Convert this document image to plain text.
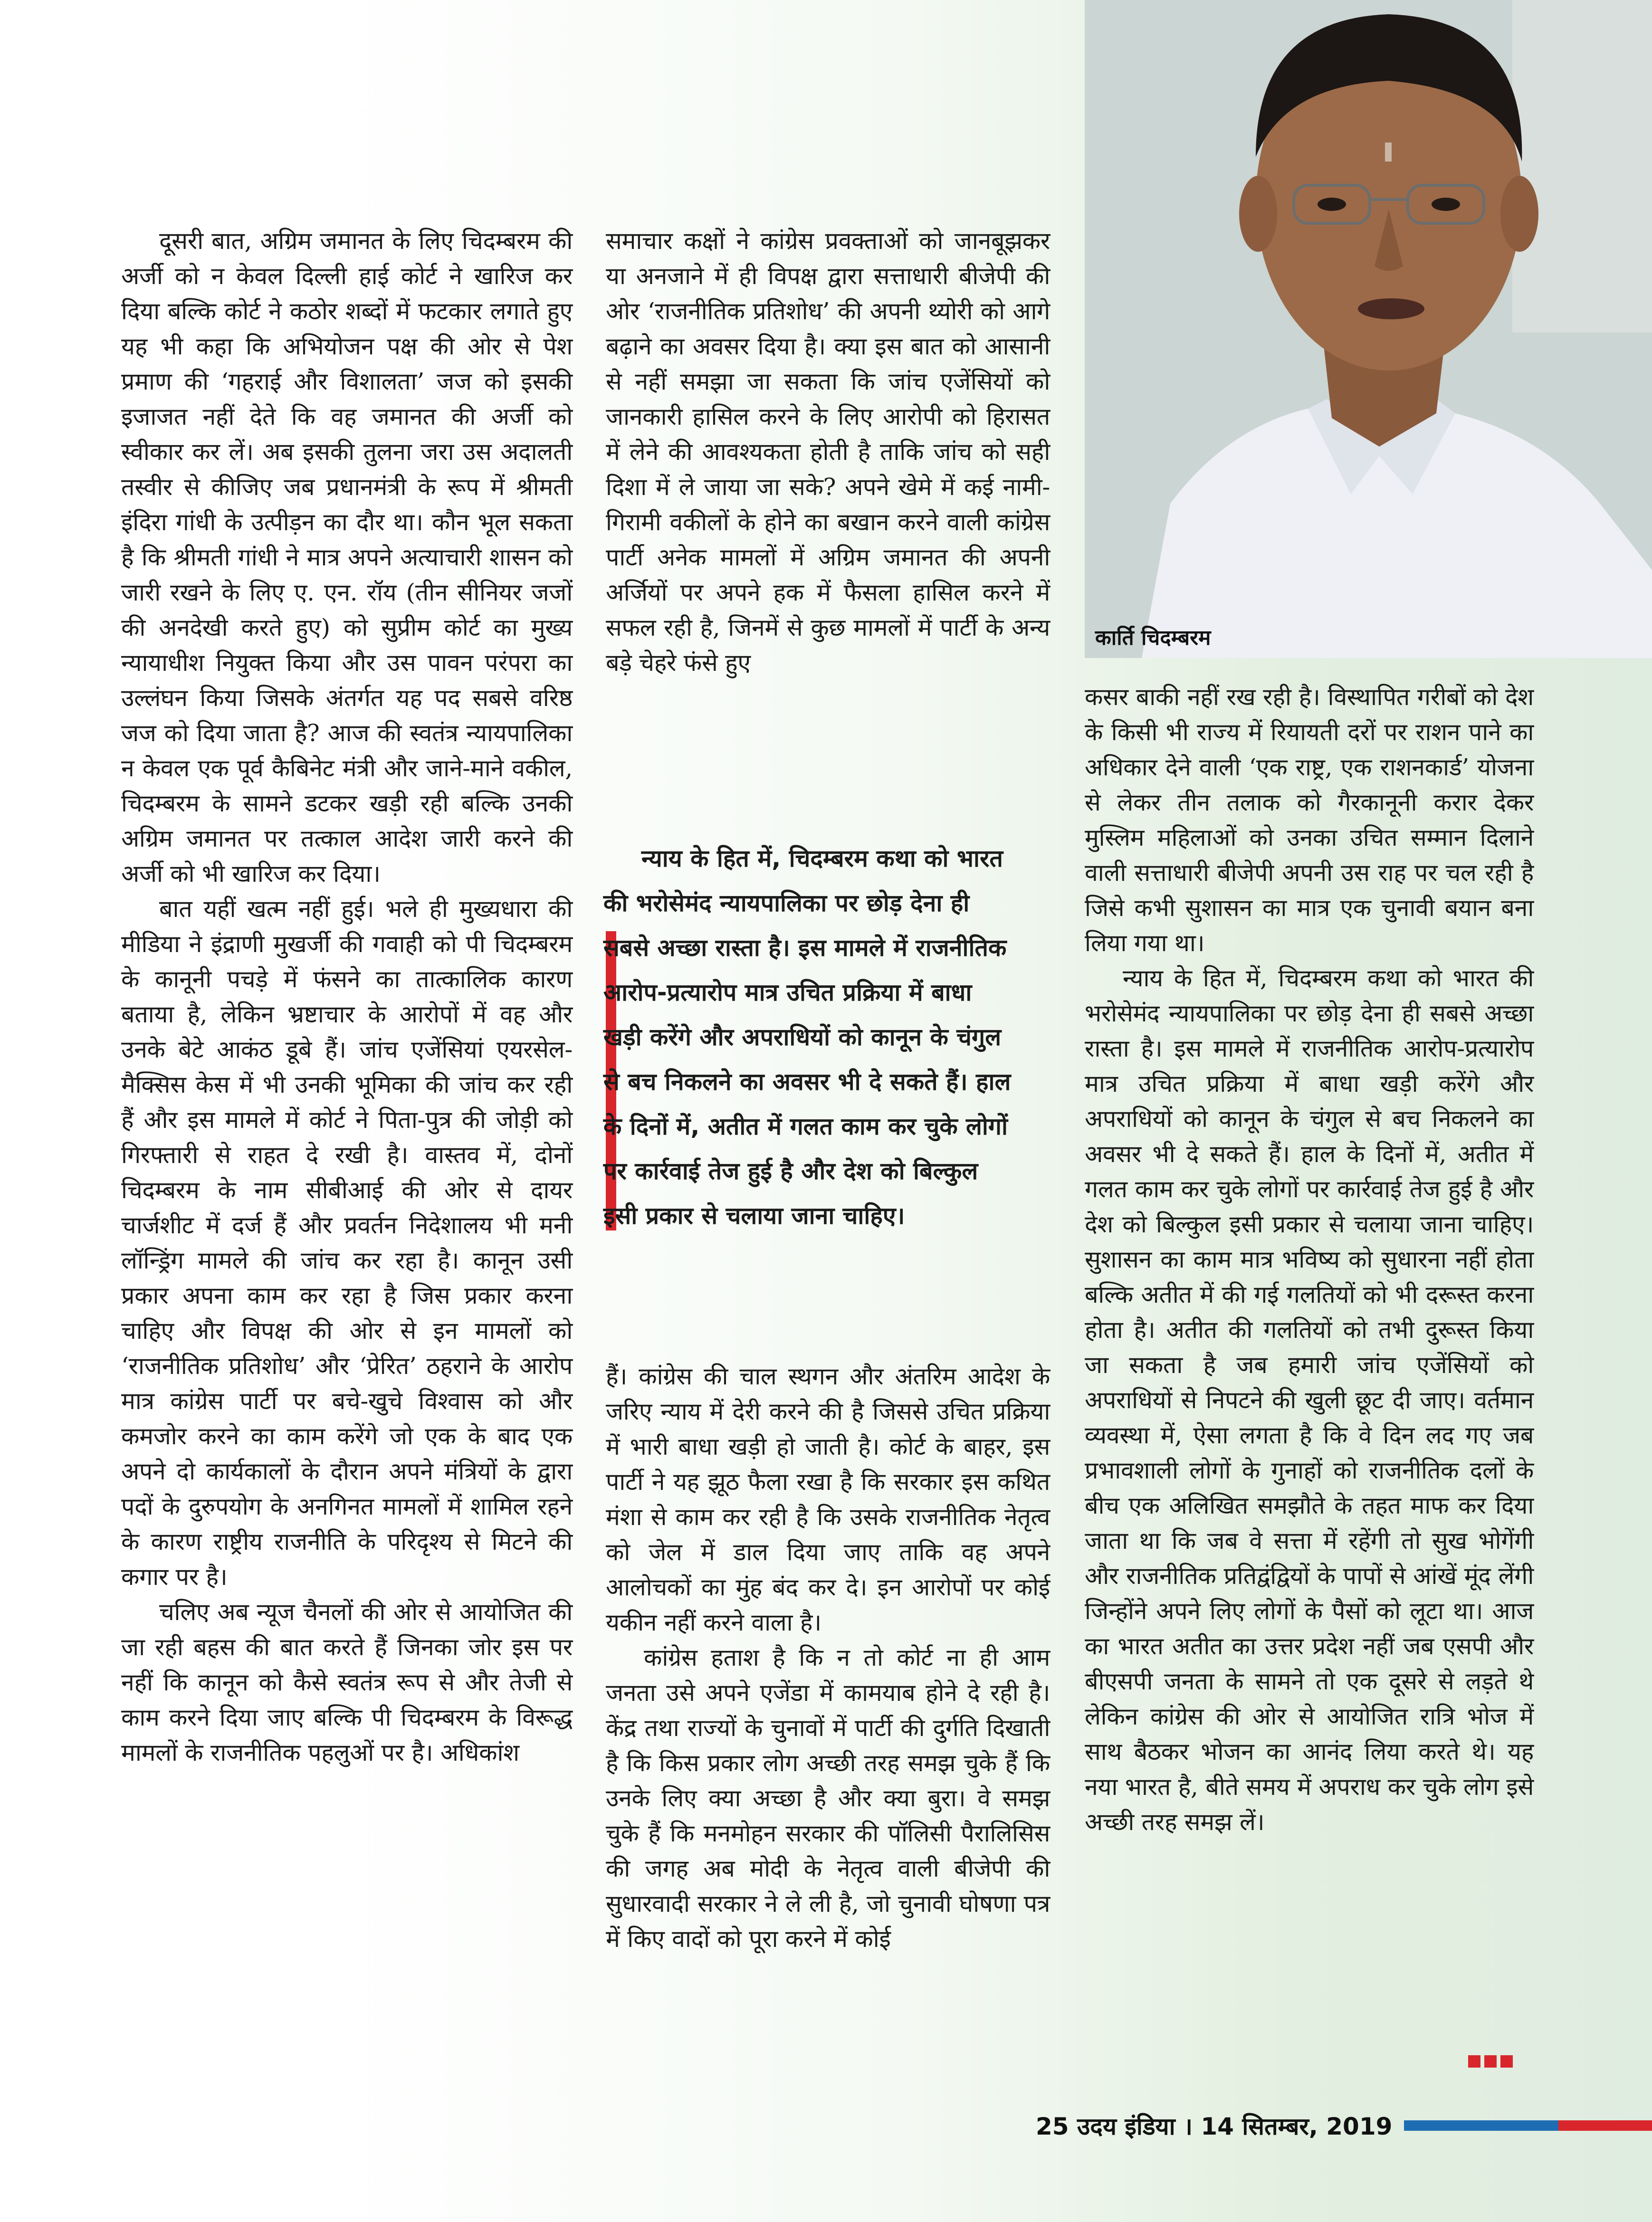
दूसरी बात, अग्रिम जमानत के लिए चिदम्बरम की अर्जी को न केवल दिल्ली हाई कोर्ट ने खारिज कर दिया बल्कि कोर्ट ने कठोर शब्दों में फटकार लगाते हुए यह भी कहा कि अभियोजन पक्ष की ओर से पेश प्रमाण की ‘गहराई और विशालता’ जज को इसकी इजाजत नहीं देते कि वह जमानत की अर्जी को स्वीकार कर लें। अब इसकी तुलना जरा उस अदालती तस्वीर से कीजिए जब प्रधानमंत्री के रूप में श्रीमती इंदिरा गांधी के उत्पीड़न का दौर था। कौन भूल सकता है कि श्रीमती गांधी ने मात्र अपने अत्याचारी शासन को जारी रखने के लिए ए. एन. रॉय (तीन सीनियर जजों की अनदेखी करते हुए) को सुप्रीम कोर्ट का मुख्य न्यायाधीश नियुक्त किया और उस पावन परंपरा का उल्लंघन किया जिसके अंतर्गत यह पद सबसे वरिष्ठ जज को दिया जाता है? आज की स्वतंत्र न्यायपालिका न केवल एक पूर्व कैबिनेट मंत्री और जाने-माने वकील, चिदम्बरम के सामने डटकर खड़ी रही बल्कि उनकी अग्रिम जमानत पर तत्काल आदेश जारी करने की अर्जी को भी खारिज कर दिया।

बात यहीं खत्म नहीं हुई। भले ही मुख्यधारा की मीडिया ने इंद्राणी मुखर्जी की गवाही को पी चिदम्बरम के कानूनी पचड़े में फंसने का तात्कालिक कारण बताया है, लेकिन भ्रष्टाचार के आरोपों में वह और उनके बेटे आकंठ डूबे हैं। जांच एजेंसियां एयरसेल-मैक्सिस केस में भी उनकी भूमिका की जांच कर रही हैं और इस मामले में कोर्ट ने पिता-पुत्र की जोड़ी को गिरफ्तारी से राहत दे रखी है। वास्तव में, दोनों चिदम्बरम के नाम सीबीआई की ओर से दायर चार्जशीट में दर्ज हैं और प्रवर्तन निदेशालय भी मनी लॉन्ड्रिंग मामले की जांच कर रहा है। कानून उसी प्रकार अपना काम कर रहा है जिस प्रकार करना चाहिए और विपक्ष की ओर से इन मामलों को ‘राजनीतिक प्रतिशोध’ और ‘प्रेरित’ ठहराने के आरोप मात्र कांग्रेस पार्टी पर बचे-खुचे विश्वास को और कमजोर करने का काम करेंगे जो एक के बाद एक अपने दो कार्यकालों के दौरान अपने मंत्रियों के द्वारा पदों के दुरुपयोग के अनगिनत मामलों में शामिल रहने के कारण राष्ट्रीय राजनीति के परिदृश्य से मिटने की कगार पर है।

चलिए अब न्यूज चैनलों की ओर से आयोजित की जा रही बहस की बात करते हैं जिनका जोर इस पर नहीं कि कानून को कैसे स्वतंत्र रूप से और तेजी से काम करने दिया जाए बल्कि पी चिदम्बरम के विरूद्ध मामलों के राजनीतिक पहलुओं पर है। अधिकांश

समाचार कक्षों ने कांग्रेस प्रवक्ताओं को जानबूझकर या अनजाने में ही विपक्ष द्वारा सत्ताधारी बीजेपी की ओर ‘राजनीतिक प्रतिशोध’ की अपनी थ्योरी को आगे बढ़ाने का अवसर दिया है। क्या इस बात को आसानी से नहीं समझा जा सकता कि जांच एजेंसियों को जानकारी हासिल करने के लिए आरोपी को हिरासत में लेने की आवश्यकता होती है ताकि जांच को सही दिशा में ले जाया जा सके? अपने खेमे में कई नामी-गिरामी वकीलों के होने का बखान करने वाली कांग्रेस पार्टी अनेक मामलों में अग्रिम जमानत की अपनी अर्जियों पर अपने हक में फैसला हासिल करने में सफल रही है, जिनमें से कुछ मामलों में पार्टी के अन्य बड़े चेहरे फंसे हुए

न्याय के हित में, चिदम्बरम कथा को भारत की भरोसेमंद न्यायपालिका पर छोड़ देना ही सबसे अच्छा रास्ता है। इस मामले में राजनीतिक आरोप-प्रत्यारोप मात्र उचित प्रक्रिया में बाधा खड़ी करेंगे और अपराधियों को कानून के चंगुल से बच निकलने का अवसर भी दे सकते हैं। हाल के दिनों में, अतीत में गलत काम कर चुके लोगों पर कार्रवाई तेज हुई है और देश को बिल्कुल इसी प्रकार से चलाया जाना चाहिए।

हैं। कांग्रेस की चाल स्थगन और अंतरिम आदेश के जरिए न्याय में देरी करने की है जिससे उचित प्रक्रिया में भारी बाधा खड़ी हो जाती है। कोर्ट के बाहर, इस पार्टी ने यह झूठ फैला रखा है कि सरकार इस कथित मंशा से काम कर रही है कि उसके राजनीतिक नेतृत्व को जेल में डाल दिया जाए ताकि वह अपने आलोचकों का मुंह बंद कर दे। इन आरोपों पर कोई यकीन नहीं करने वाला है।

कांग्रेस हताश है कि न तो कोर्ट ना ही आम जनता उसे अपने एजेंडा में कामयाब होने दे रही है। केंद्र तथा राज्यों के चुनावों में पार्टी की दुर्गति दिखाती है कि किस प्रकार लोग अच्छी तरह समझ चुके हैं कि उनके लिए क्या अच्छा है और क्या बुरा। वे समझ चुके हैं कि मनमोहन सरकार की पॉलिसी पैरालिसिस की जगह अब मोदी के नेतृत्व वाली बीजेपी की सुधारवादी सरकार ने ले ली है, जो चुनावी घोषणा पत्र में किए वादों को पूरा करने में कोई

कार्ति चिदम्बरम

कसर बाकी नहीं रख रही है। विस्थापित गरीबों को देश के किसी भी राज्य में रियायती दरों पर राशन पाने का अधिकार देने वाली ‘एक राष्ट्र, एक राशनकार्ड’ योजना से लेकर तीन तलाक को गैरकानूनी करार देकर मुस्लिम महिलाओं को उनका उचित सम्मान दिलाने वाली सत्ताधारी बीजेपी अपनी उस राह पर चल रही है जिसे कभी सुशासन का मात्र एक चुनावी बयान बना लिया गया था।

न्याय के हित में, चिदम्बरम कथा को भारत की भरोसेमंद न्यायपालिका पर छोड़ देना ही सबसे अच्छा रास्ता है। इस मामले में राजनीतिक आरोप-प्रत्यारोप मात्र उचित प्रक्रिया में बाधा खड़ी करेंगे और अपराधियों को कानून के चंगुल से बच निकलने का अवसर भी दे सकते हैं। हाल के दिनों में, अतीत में गलत काम कर चुके लोगों पर कार्रवाई तेज हुई है और देश को बिल्कुल इसी प्रकार से चलाया जाना चाहिए। सुशासन का काम मात्र भविष्य को सुधारना नहीं होता बल्कि अतीत में की गई गलतियों को भी दरूस्त करना होता है। अतीत की गलतियों को तभी दुरूस्त किया जा सकता है जब हमारी जांच एजेंसियों को अपराधियों से निपटने की खुली छूट दी जाए। वर्तमान व्यवस्था में, ऐसा लगता है कि वे दिन लद गए जब प्रभावशाली लोगों के गुनाहों को राजनीतिक दलों के बीच एक अलिखित समझौते के तहत माफ कर दिया जाता था कि जब वे सत्ता में रहेंगी तो सुख भोगेंगी और राजनीतिक प्रतिद्वंद्वियों के पापों से आंखें मूंद लेंगी जिन्होंने अपने लिए लोगों के पैसों को लूटा था। आज का भारत अतीत का उत्तर प्रदेश नहीं जब एसपी और बीएसपी जनता के सामने तो एक दूसरे से लड़ते थे लेकिन कांग्रेस की ओर से आयोजित रात्रि भोज में साथ बैठकर भोजन का आनंद लिया करते थे। यह नया भारत है, बीते समय में अपराध कर चुके लोग इसे अच्छी तरह समझ लें।

25 उदय इंडिया । 14 सितम्बर, 2019
